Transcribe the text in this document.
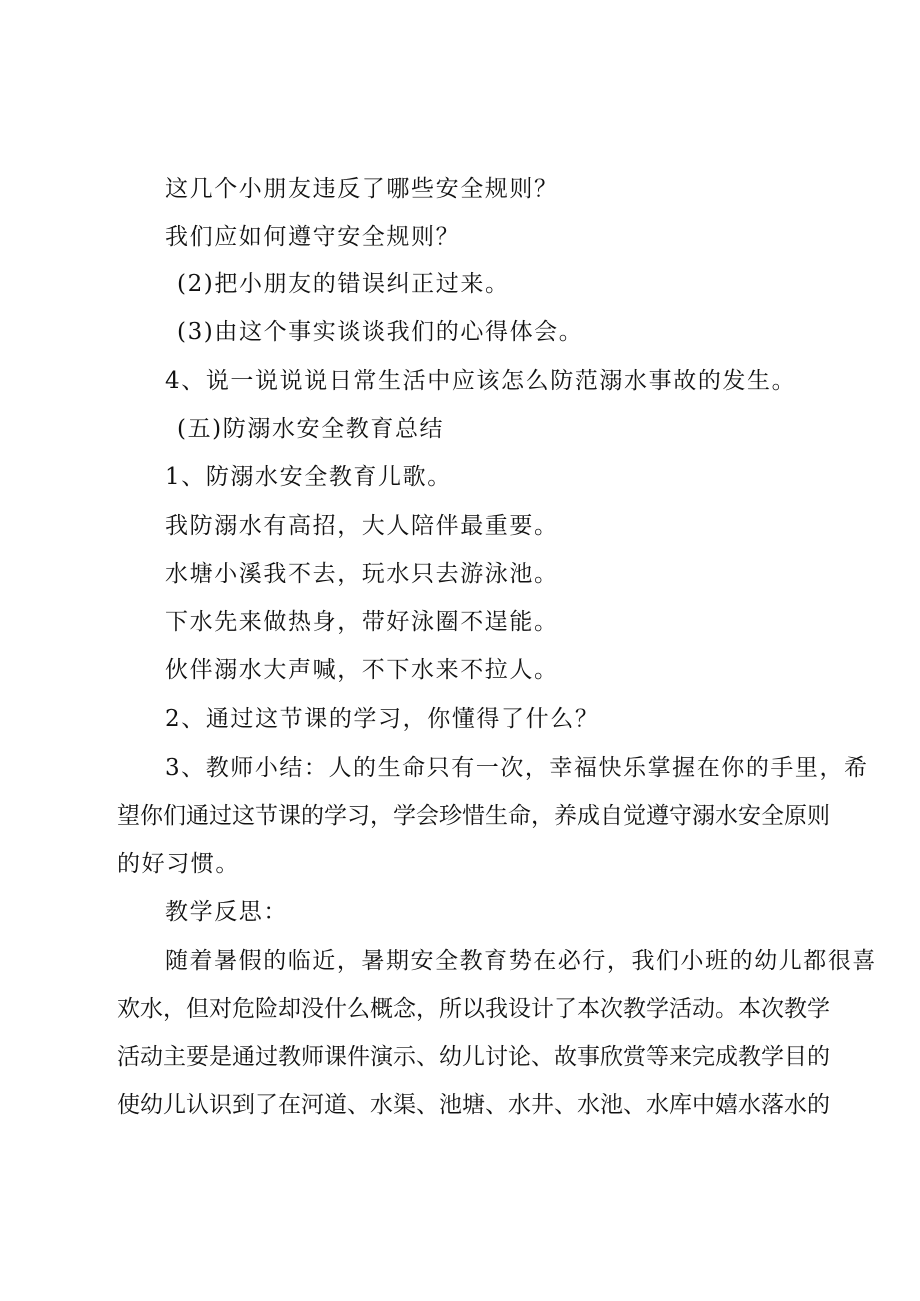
这几个小朋友违反了哪些安全规则？
我们应如何遵守安全规则？
(2)把小朋友的错误纠正过来。
(3)由这个事实谈谈我们的心得体会。
4、说一说说说日常生活中应该怎么防范溺水事故的发生。
(五)防溺水安全教育总结
1、防溺水安全教育儿歌。
我防溺水有高招，大人陪伴最重要。
水塘小溪我不去，玩水只去游泳池。
下水先来做热身，带好泳圈不逞能。
伙伴溺水大声喊，不下水来不拉人。
2、通过这节课的学习，你懂得了什么？
3、教师小结：人的生命只有一次，幸福快乐掌握在你的手里，希
望你们通过这节课的学习，学会珍惜生命，养成自觉遵守溺水安全原则
的好习惯。
教学反思：
随着暑假的临近，暑期安全教育势在必行，我们小班的幼儿都很喜
欢水，但对危险却没什么概念，所以我设计了本次教学活动。本次教学
活动主要是通过教师课件演示、幼儿讨论、故事欣赏等来完成教学目的
使幼儿认识到了在河道、水渠、池塘、水井、水池、水库中嬉水落水的
